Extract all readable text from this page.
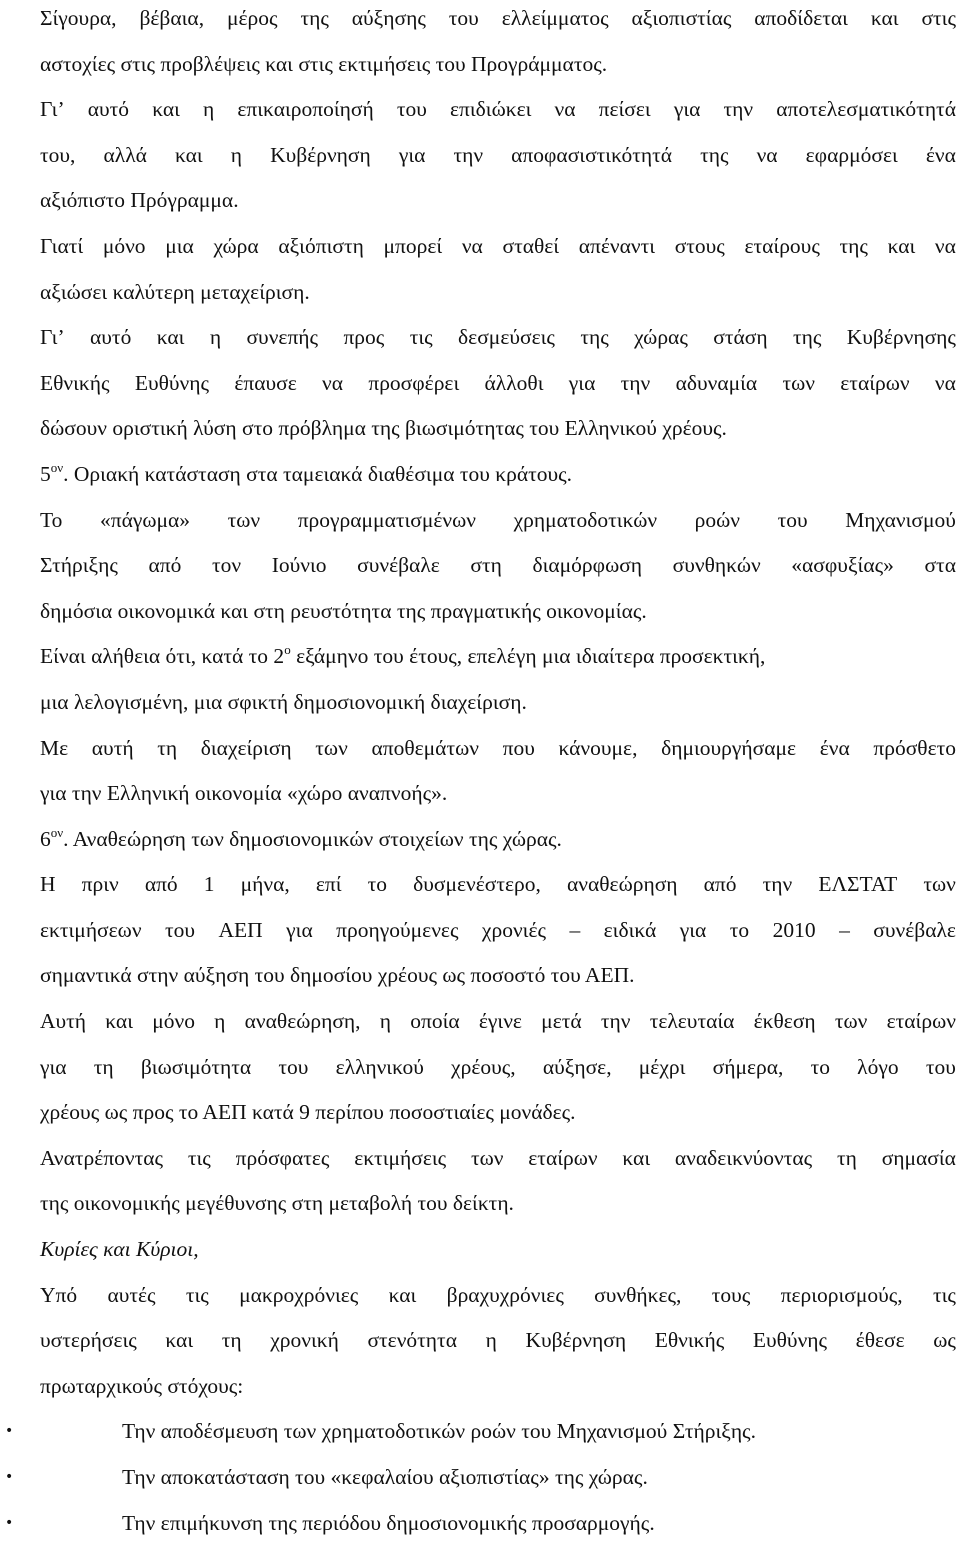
Σίγουρα, βέβαια, μέρος της αύξησης του ελλείμματος αξιοπιστίας αποδίδεται και στις
αστοχίες στις προβλέψεις και στις εκτιμήσεις του Προγράμματος.
Γι’ αυτό και η επικαιροποίησή του επιδιώκει να πείσει για την αποτελεσματικότητά
του, αλλά και η Κυβέρνηση για την αποφασιστικότητά της να εφαρμόσει ένα
αξιόπιστο Πρόγραμμα.
Γιατί μόνο μια χώρα αξιόπιστη μπορεί να σταθεί απέναντι στους εταίρους της και να
αξιώσει καλύτερη μεταχείριση.
Γι’ αυτό και η συνεπής προς τις δεσμεύσεις της χώρας στάση της Κυβέρνησης
Εθνικής Ευθύνης έπαυσε να προσφέρει άλλοθι για την αδυναμία των εταίρων να
δώσουν οριστική λύση στο πρόβλημα της βιωσιμότητας του Ελληνικού χρέους.
$5^{o\nu}$. Οριακή κατάσταση στα ταμειακά διαθέσιμα του κράτους.
Το «πάγωμα» των προγραμματισμένων χρηματοδοτικών ροών του Μηχανισμού
Στήριξης από τον Ιούνιο συνέβαλε στη διαμόρφωση συνθηκών «ασφυξίας» στα
δημόσια οικονομικά και στη ρευστότητα της πραγματικής οικονομίας.
Είναι αλήθεια ότι, κατά το $2^o$ εξάμηνο του έτους, επελέγη μια ιδιαίτερα προσεκτική,
μια λελογισμένη, μια σφικτή δημοσιονομική διαχείριση.
Με αυτή τη διαχείριση των αποθεμάτων που κάνουμε, δημιουργήσαμε ένα πρόσθετο
για την Ελληνική οικονομία «χώρο αναπνοής».
$6^{o\nu}$. Αναθεώρηση των δημοσιονομικών στοιχείων της χώρας.
Η πριν από 1 μήνα, επί το δυσμενέστερο, αναθεώρηση από την ΕΛΣΤΑΤ των
εκτιμήσεων του ΑΕΠ για προηγούμενες χρονιές – ειδικά για το 2010 – συνέβαλε
σημαντικά στην αύξηση του δημοσίου χρέους ως ποσοστό του ΑΕΠ.
Αυτή και μόνο η αναθεώρηση, η οποία έγινε μετά την τελευταία έκθεση των εταίρων
για τη βιωσιμότητα του ελληνικού χρέους, αύξησε, μέχρι σήμερα, το λόγο του
χρέους ως προς το ΑΕΠ κατά 9 περίπου ποσοστιαίες μονάδες.
Ανατρέποντας τις πρόσφατες εκτιμήσεις των εταίρων και αναδεικνύοντας τη σημασία
της οικονομικής μεγέθυνσης στη μεταβολή του δείκτη.
Κυρίες και Κύριοι,
Υπό αυτές τις μακροχρόνιες και βραχυχρόνιες συνθήκες, τους περιορισμούς, τις
υστερήσεις και τη χρονική στενότητα η Κυβέρνηση Εθνικής Ευθύνης έθεσε ως
πρωταρχικούς στόχους:
•	Την αποδέσμευση των χρηματοδοτικών ροών του Μηχανισμού Στήριξης.
•	Την αποκατάσταση του «κεφαλαίου αξιοπιστίας» της χώρας.
•	Την επιμήκυνση της περιόδου δημοσιονομικής προσαρμογής.
